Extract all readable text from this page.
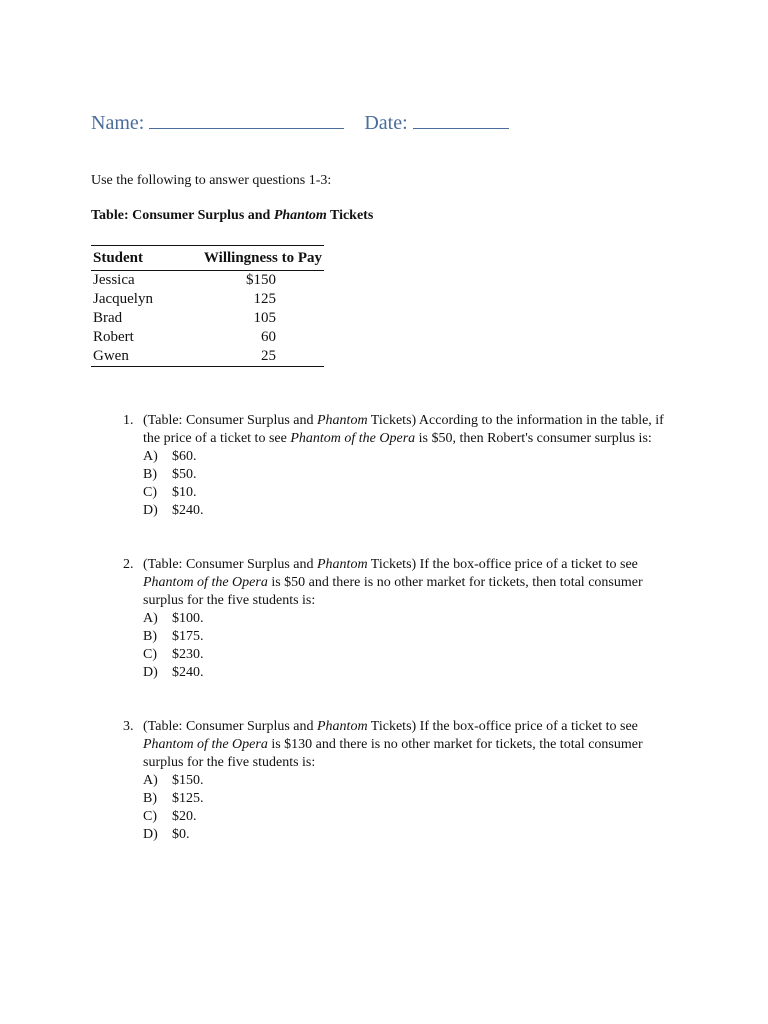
Name:	Date:
Use the following to answer questions 1-3:
Table: Consumer Surplus and Phantom Tickets
Student	Willingness to Pay
Jessica	$150
Jacquelyn	125
Brad	105
Robert	60
Gwen	25
1. (Table: Consumer Surplus and Phantom Tickets) According to the information in the table, if the price of a ticket to see Phantom of the Opera is $50, then Robert's consumer surplus is:
A)	$60.
B)	$50.
C)	$10.
D)	$240.
2. (Table: Consumer Surplus and Phantom Tickets) If the box-office price of a ticket to see Phantom of the Opera is $50 and there is no other market for tickets, then total consumer surplus for the five students is:
A)	$100.
B)	$175.
C)	$230.
D)	$240.
3. (Table: Consumer Surplus and Phantom Tickets) If the box-office price of a ticket to see Phantom of the Opera is $130 and there is no other market for tickets, the total consumer surplus for the five students is:
A)	$150.
B)	$125.
C)	$20.
D)	$0.
